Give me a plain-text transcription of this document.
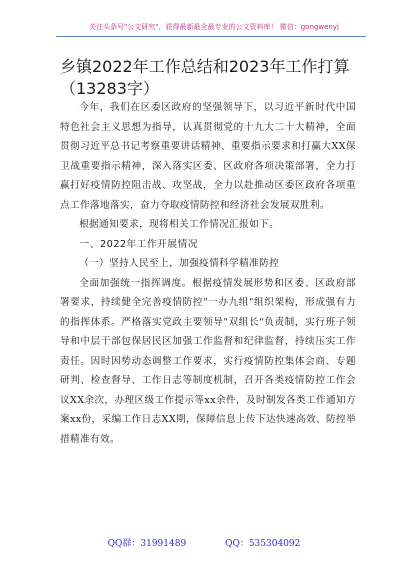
关注头条号"公文研究"，获得最新最全最专业的公文资料库！ 微信：gongwenyj
乡镇2022年工作总结和2023年工作打算
（13283字）

今年，我们在区委区政府的坚强领导下，以习近平新时代中国特色社会主义思想为指导，认真贯彻党的十九大二十大精神，全面贯彻习近平总书记考察重要讲话精神、重要指示要求和打赢大XX保卫战重要指示精神，深入落实区委、区政府各项决策部署，全力打赢打好疫情防控阻击战、攻坚战，全力以赴推动区委区政府各项重点工作落地落实，奋力夺取疫情防控和经济社会发展双胜利。

根据通知要求，现将相关工作情况汇报如下。

一、2022年工作开展情况

（一）坚持人民至上，加强疫情科学精准防控

全面加强统一指挥调度。根据疫情发展形势和区委、区政府部署要求，持续健全完善疫情防控"一办九组"组织架构，形成强有力的指挥体系。严格落实党政主要领导"双组长"负责制，实行班子领导和中层干部包保居民区加强工作监督和纪律监督，持续压实工作责任。因时因势动态调整工作要求，实行疫情防控集体会商、专题研判、检查督导、工作日志等制度机制，召开各类疫情防控工作会议XX余次，办理区级工作提示等xx余件，及时制发各类工作通知方案xx份，采编工作日志XX期，保障信息上传下达快速高效、防控举措精准有效。

QQ群：31991489	QQ：535304092
